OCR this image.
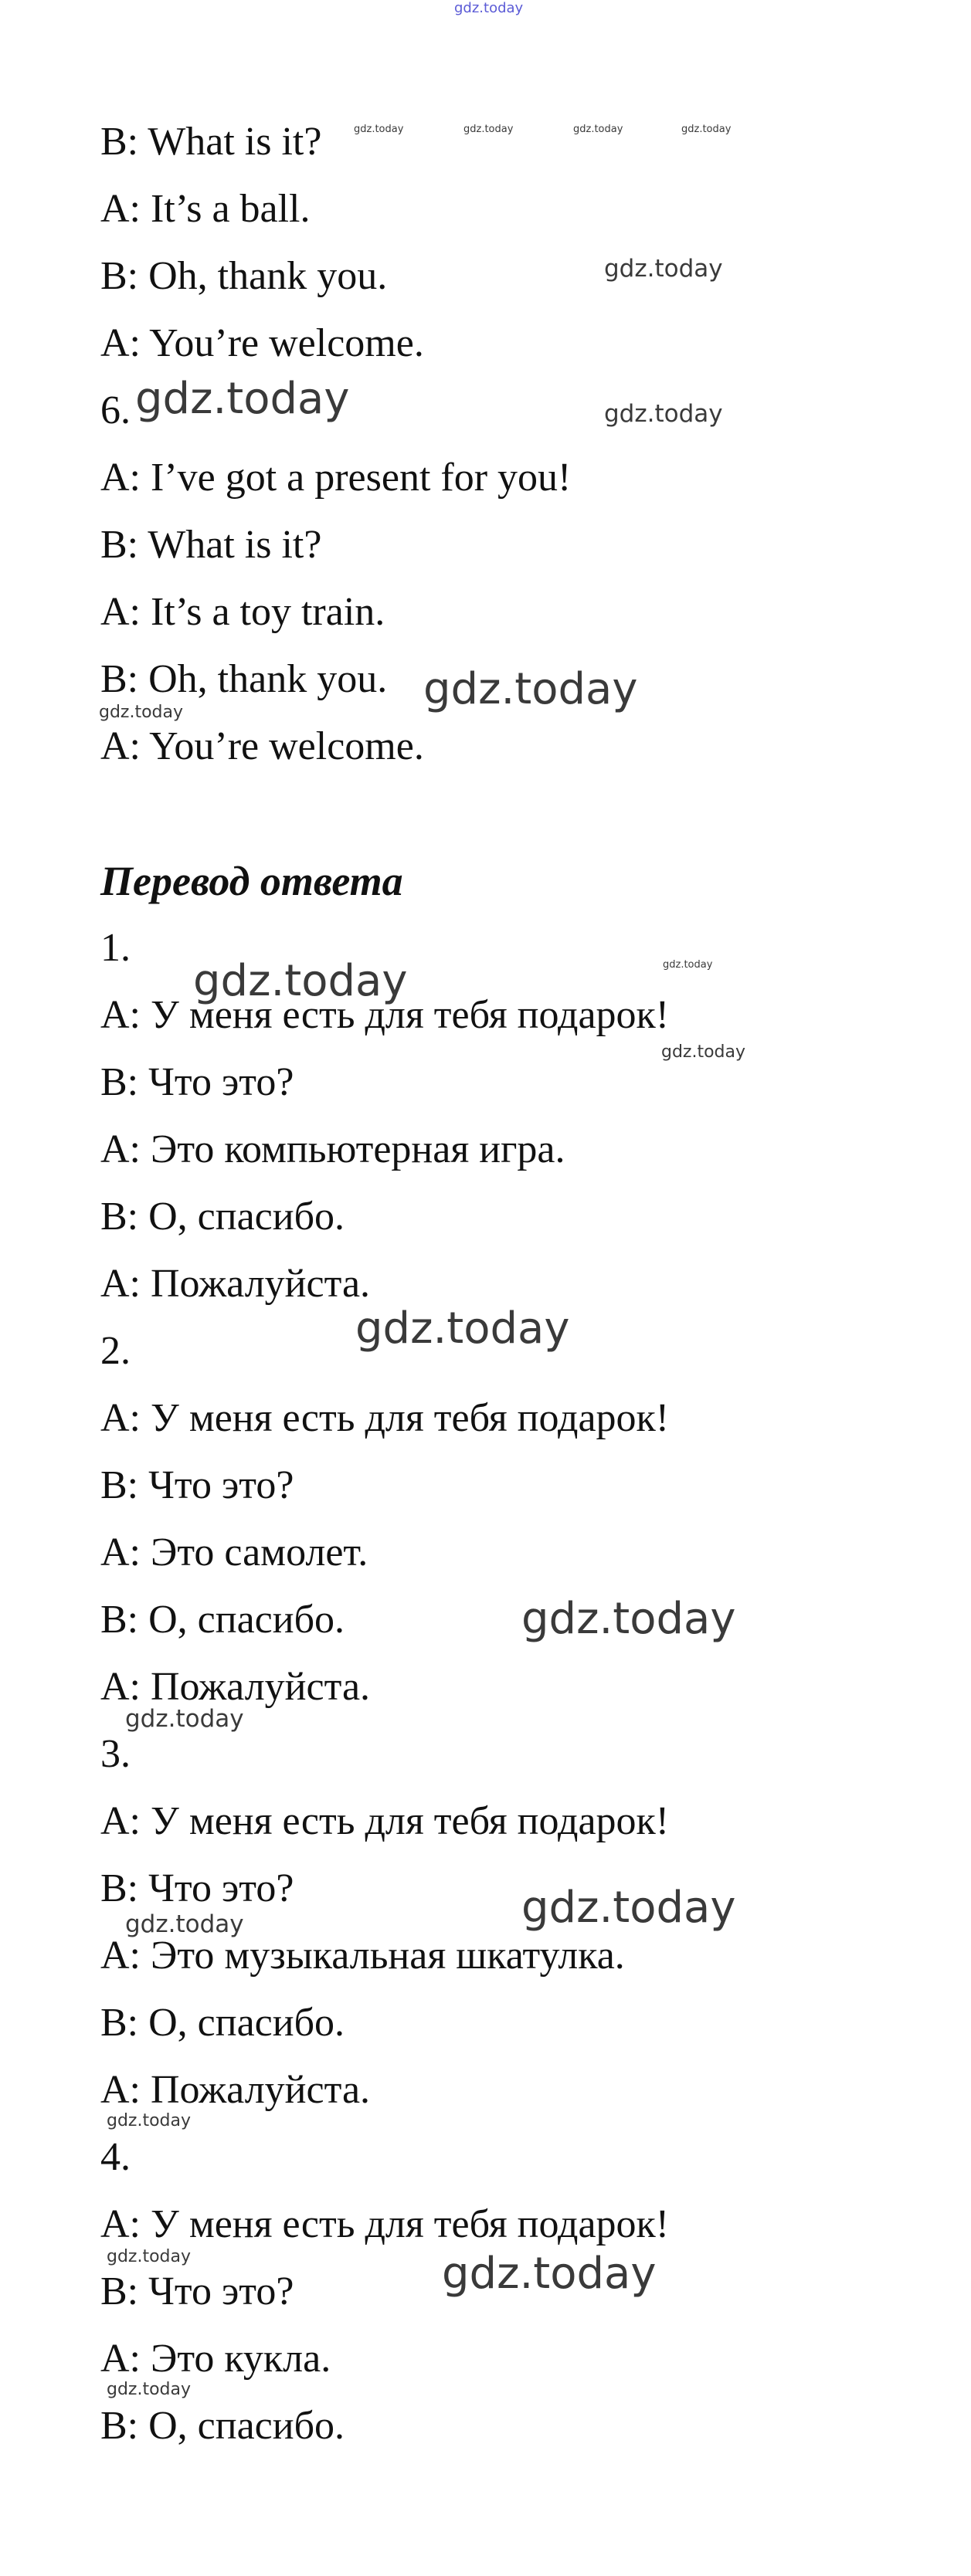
gdz.today
gdz.today	gdz.today	gdz.today	gdz.today
gdz.today
gdz.today
gdz.today
gdz.today
gdz.today
gdz.today
gdz.today
gdz.today
gdz.today
gdz.today
gdz.today
gdz.today
gdz.today
gdz.today
gdz.today
gdz.today
gdz.today
B: What is it?
A: It’s a ball.
B: Oh, thank you.
A: You’re welcome.
6.
A: I’ve got a present for you!
B: What is it?
A: It’s a toy train.
B: Oh, thank you.
A: You’re welcome.
Перевод ответа
1.
A: У меня есть для тебя подарок!
B: Что это?
A: Это компьютерная игра.
B: О, спасибо.
A: Пожалуйста.
2.
A: У меня есть для тебя подарок!
B: Что это?
A: Это самолет.
B: О, спасибо.
A: Пожалуйста.
3.
A: У меня есть для тебя подарок!
B: Что это?
A: Это музыкальная шкатулка.
B: О, спасибо.
A: Пожалуйста.
4.
A: У меня есть для тебя подарок!
B: Что это?
A: Это кукла.
B: О, спасибо.
